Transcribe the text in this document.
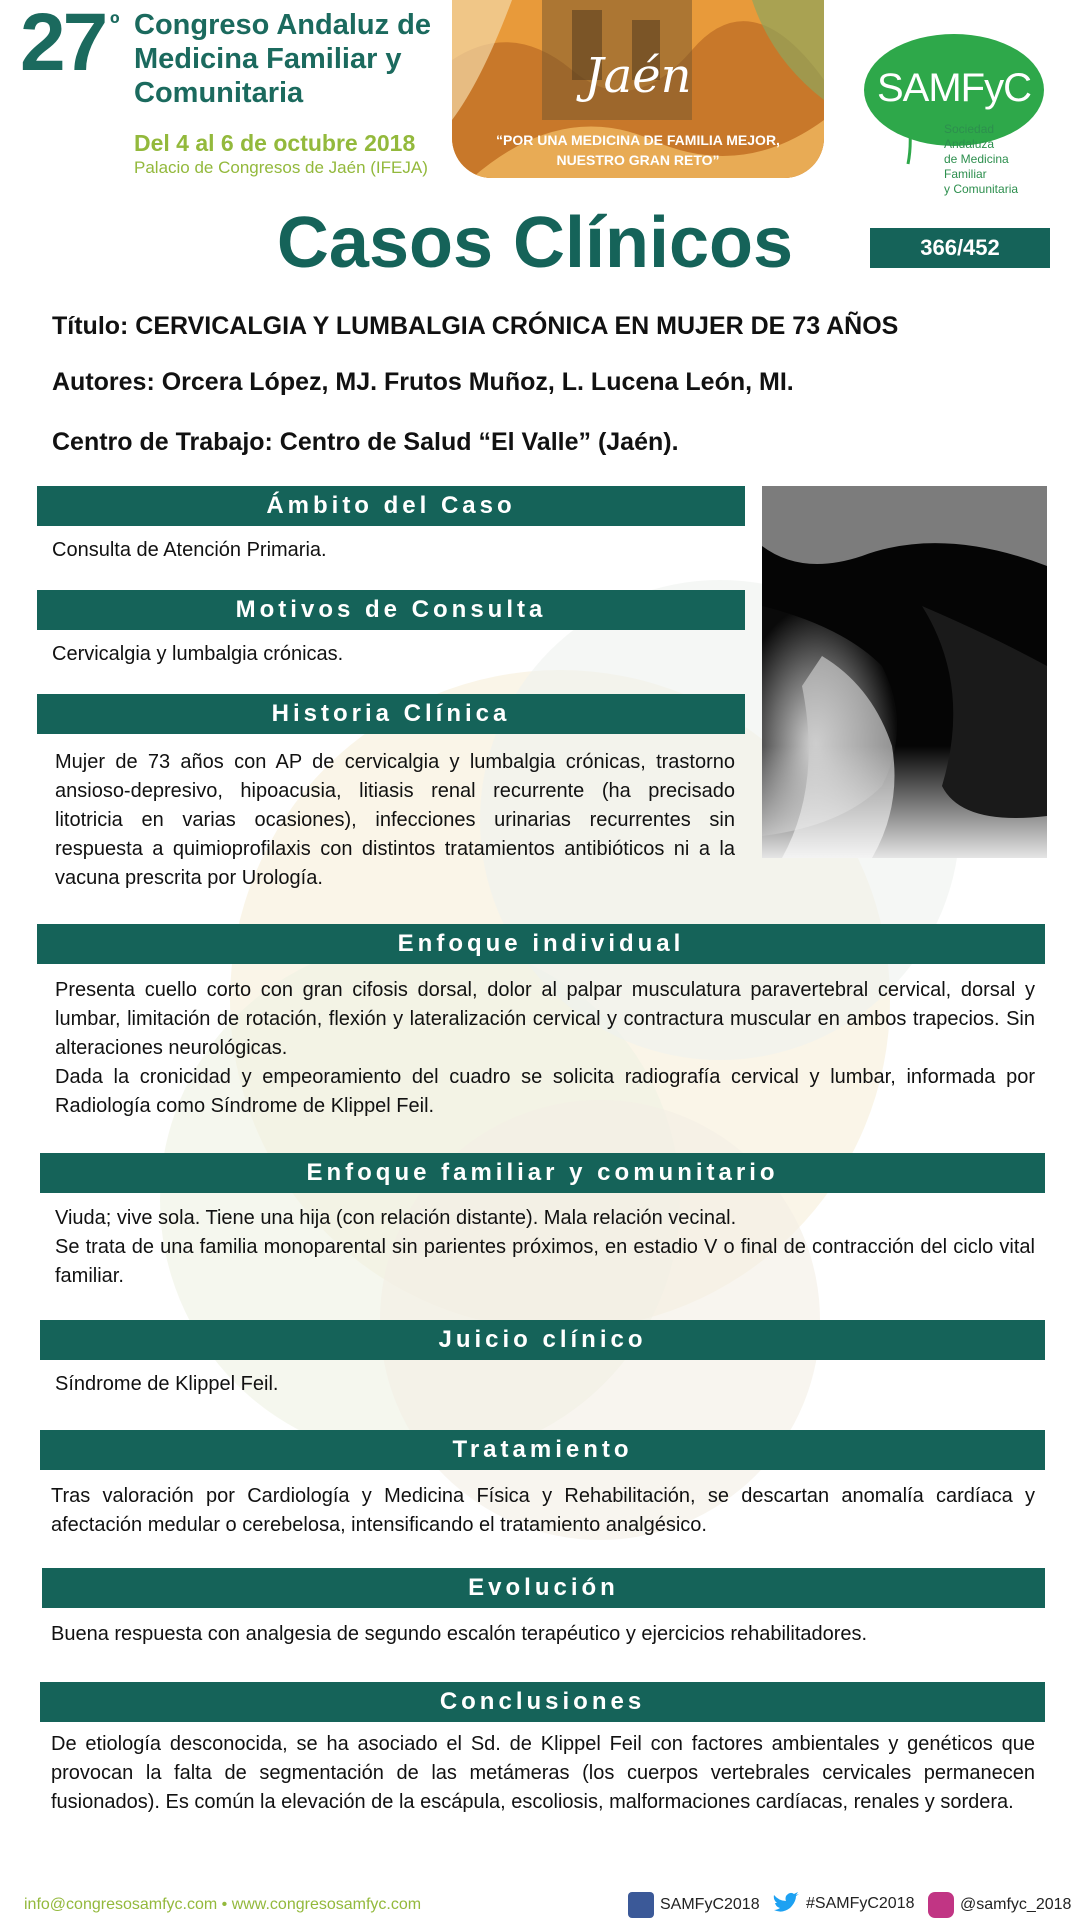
27 º Congreso Andaluz de
Medicina Familiar y
Comunitaria
Del 4 al 6 de octubre 2018
Palacio de Congresos de Jaén (IFEJA)
Jaén
“POR UNA MEDICINA DE FAMILIA MEJOR,
NUESTRO GRAN RETO”
SAMFyC
Sociedad Andaluza
de Medicina Familiar
y Comunitaria
Casos Clínicos	366/452
Título: CERVICALGIA Y LUMBALGIA CRÓNICA EN MUJER DE 73 AÑOS
Autores: Orcera López, MJ. Frutos Muñoz, L. Lucena León, MI.
Centro de Trabajo: Centro de Salud “El Valle” (Jaén).
Ámbito del Caso
Consulta de Atención Primaria.
Motivos de Consulta
Cervicalgia y lumbalgia crónicas.
Historia Clínica
Mujer de 73 años con AP de cervicalgia y lumbalgia crónicas, trastorno ansioso-depresivo, hipoacusia, litiasis renal recurrente (ha precisado litotricia en varias ocasiones), infecciones urinarias recurrentes sin respuesta a quimioprofilaxis con distintos tratamientos antibióticos ni a la vacuna prescrita por Urología.
Enfoque individual

Presenta cuello corto con gran cifosis dorsal, dolor al palpar musculatura paravertebral cervical, dorsal y lumbar, limitación de rotación, flexión y lateralización cervical y contractura muscular en ambos trapecios. Sin alteraciones neurológicas.

Dada la cronicidad y empeoramiento del cuadro se solicita radiografía cervical y lumbar, informada por Radiología como Síndrome de Klippel Feil.

Enfoque familiar y comunitario

Viuda; vive sola. Tiene una hija (con relación distante). Mala relación vecinal.

Se trata de una familia monoparental sin parientes próximos, en estadio V o final de contracción del ciclo vital familiar.

Juicio clínico
Síndrome de Klippel Feil.
Tratamiento
Tras valoración por Cardiología y Medicina Física y Rehabilitación, se descartan anomalía cardíaca y afectación medular o cerebelosa, intensificando el tratamiento analgésico.
Evolución
Buena respuesta con analgesia de segundo escalón terapéutico y ejercicios rehabilitadores.
Conclusiones
De etiología desconocida, se ha asociado el Sd. de Klippel Feil con factores ambientales y genéticos que provocan la falta de segmentación de las metámeras (los cuerpos vertebrales cervicales permanecen fusionados). Es común la elevación de la escápula, escoliosis, malformaciones cardíacas, renales y sordera.
info@congresosamfyc.com • www.congresosamfyc.com	SAMFyC2018	#SAMFyC2018	@samfyc_2018
